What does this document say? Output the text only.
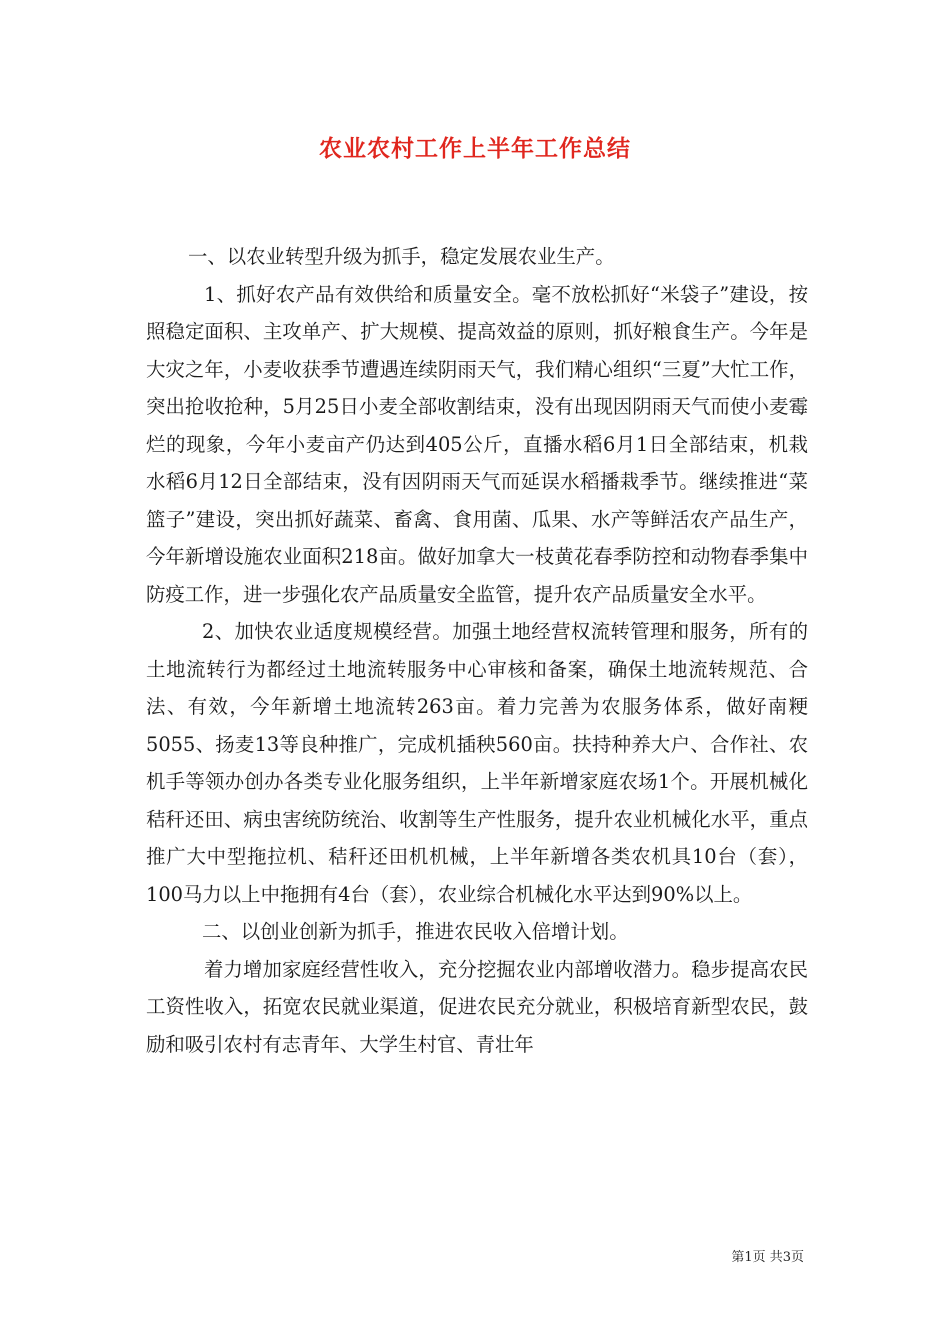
农业农村工作上半年工作总结

一、以农业转型升级为抓手，稳定发展农业生产。

1、抓好农产品有效供给和质量安全。毫不放松抓好“米袋子”建设，按照稳定面积、主攻单产、扩大规模、提高效益的原则，抓好粮食生产。今年是大灾之年，小麦收获季节遭遇连续阴雨天气，我们精心组织“三夏”大忙工作，突出抢收抢种，5月25日小麦全部收割结束，没有出现因阴雨天气而使小麦霉烂的现象，今年小麦亩产仍达到405公斤，直播水稻6月1日全部结束，机栽水稻6月12日全部结束，没有因阴雨天气而延误水稻播栽季节。继续推进“菜篮子”建设，突出抓好蔬菜、畜禽、食用菌、瓜果、水产等鲜活农产品生产，今年新增设施农业面积218亩。做好加拿大一枝黄花春季防控和动物春季集中防疫工作，进一步强化农产品质量安全监管，提升农产品质量安全水平。

2、加快农业适度规模经营。加强土地经营权流转管理和服务，所有的土地流转行为都经过土地流转服务中心审核和备案，确保土地流转规范、合法、有效，今年新增土地流转263亩。着力完善为农服务体系，做好南粳5055、扬麦13等良种推广，完成机插秧560亩。扶持种养大户、合作社、农机手等领办创办各类专业化服务组织，上半年新增家庭农场1个。开展机械化秸秆还田、病虫害统防统治、收割等生产性服务，提升农业机械化水平，重点推广大中型拖拉机、秸秆还田机机械，上半年新增各类农机具10台（套），100马力以上中拖拥有4台（套），农业综合机械化水平达到90%以上。

二、以创业创新为抓手，推进农民收入倍增计划。

着力增加家庭经营性收入，充分挖掘农业内部增收潜力。稳步提高农民工资性收入，拓宽农民就业渠道，促进农民充分就业，积极培育新型农民，鼓励和吸引农村有志青年、大学生村官、青壮年

第1页 共3页
